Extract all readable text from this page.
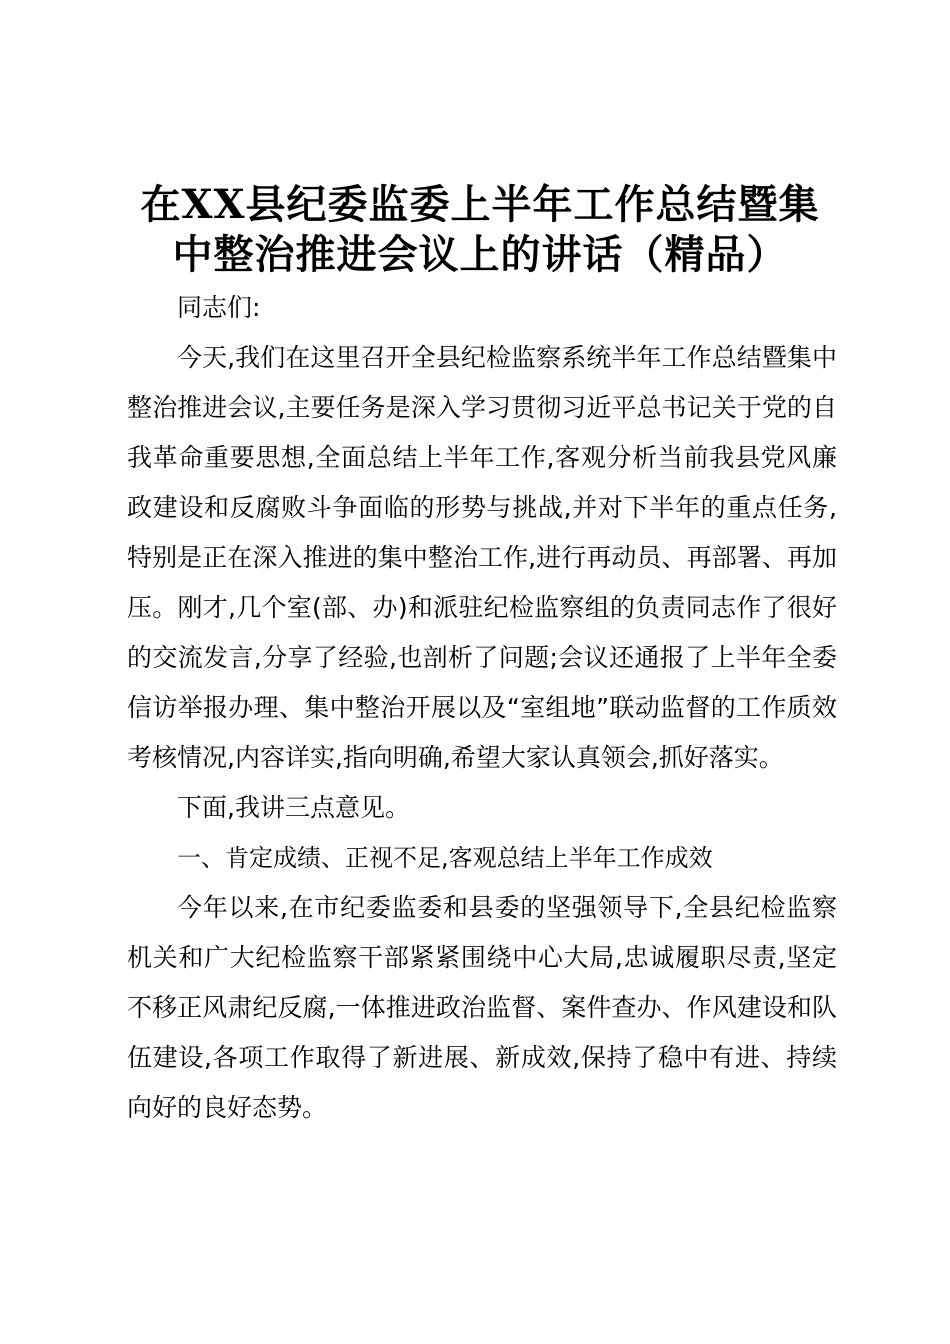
在XX县纪委监委上半年工作总结暨集
中整治推进会议上的讲话（精品）

同志们:

今天,我们在这里召开全县纪检监察系统半年工作总结暨集中整治推进会议,主要任务是深入学习贯彻习近平总书记关于党的自我革命重要思想,全面总结上半年工作,客观分析当前我县党风廉政建设和反腐败斗争面临的形势与挑战,并对下半年的重点任务,特别是正在深入推进的集中整治工作,进行再动员、再部署、再加压。刚才,几个室(部、办)和派驻纪检监察组的负责同志作了很好的交流发言,分享了经验,也剖析了问题;会议还通报了上半年全委信访举报办理、集中整治开展以及“室组地”联动监督的工作质效考核情况,内容详实,指向明确,希望大家认真领会,抓好落实。

下面,我讲三点意见。

一、肯定成绩、正视不足,客观总结上半年工作成效

今年以来,在市纪委监委和县委的坚强领导下,全县纪检监察机关和广大纪检监察干部紧紧围绕中心大局,忠诚履职尽责,坚定不移正风肃纪反腐,一体推进政治监督、案件查办、作风建设和队伍建设,各项工作取得了新进展、新成效,保持了稳中有进、持续向好的良好态势。
